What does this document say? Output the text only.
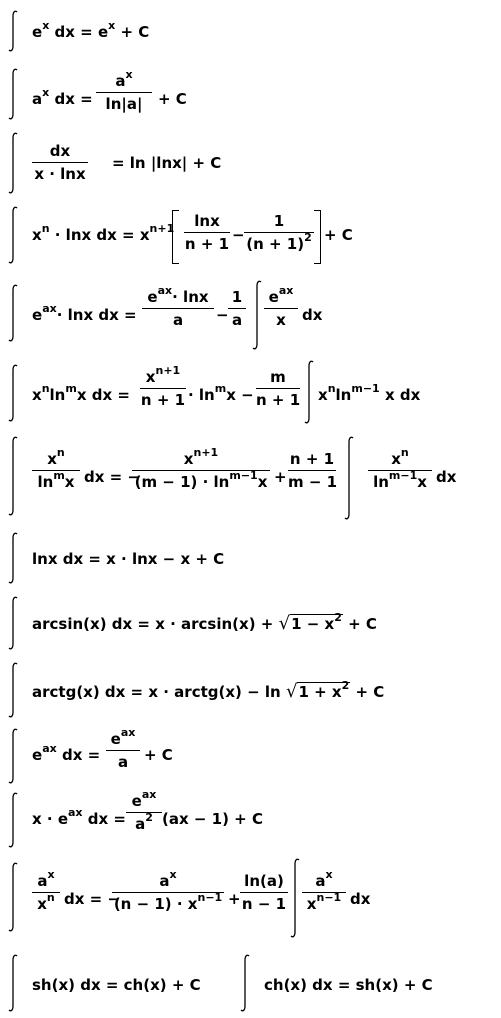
$e^x$ dx = $e^x + C$
$a^x$ dx =
$a^x$
ln|a|	+ C
dx
x · lnx
= ln |lnx| + C
$x^n \cdot \ln x$ dx = $x^{n+1}$	lnx
n + 1 −
1
$(n + 1)^2 + C$
$e^{ax}\cdot \ln x$ dx =
$e^{ax}\cdot \ln x$
a	−
1
a
$e^{ax}$
x	dx
$x^n\ln^mx$ dx =
$x^{n+1}$
$n + 1 \cdot \ln^mx$ −
m
n + 1 $x^n\ln^{m-1}$ x dx
$x^n$
$\ln^mx$ dx = −
$x^{n+1}$
$(m - 1) \cdot \ln^{m-1}x$ +
n + 1
m − 1
$x^n$
$\ln^{m-1}x$ dx
lnx dx = x · lnx − x + C
arcsin(x) dx = $x \cdot \arcsin(x) + √1 - x^2 + C$
arctg(x) dx = x · arctg(x) − $\ln √1 + x^2 + C$
$e^{ax}$ dx =
$e^{ax}$
a	+ C
$x \cdot e^{ax}$ dx =
$e^{ax}$
$a^2$ (ax − 1) + C
$a^x$
$x^n$ dx = −
$a^x$
$(n - 1) \cdot x^{n-1}$ +
ln(a)
n − 1
$a^x$
$x^{n-1}$ dx
sh(x) dx = ch(x) + C	ch(x) dx = sh(x) + C
